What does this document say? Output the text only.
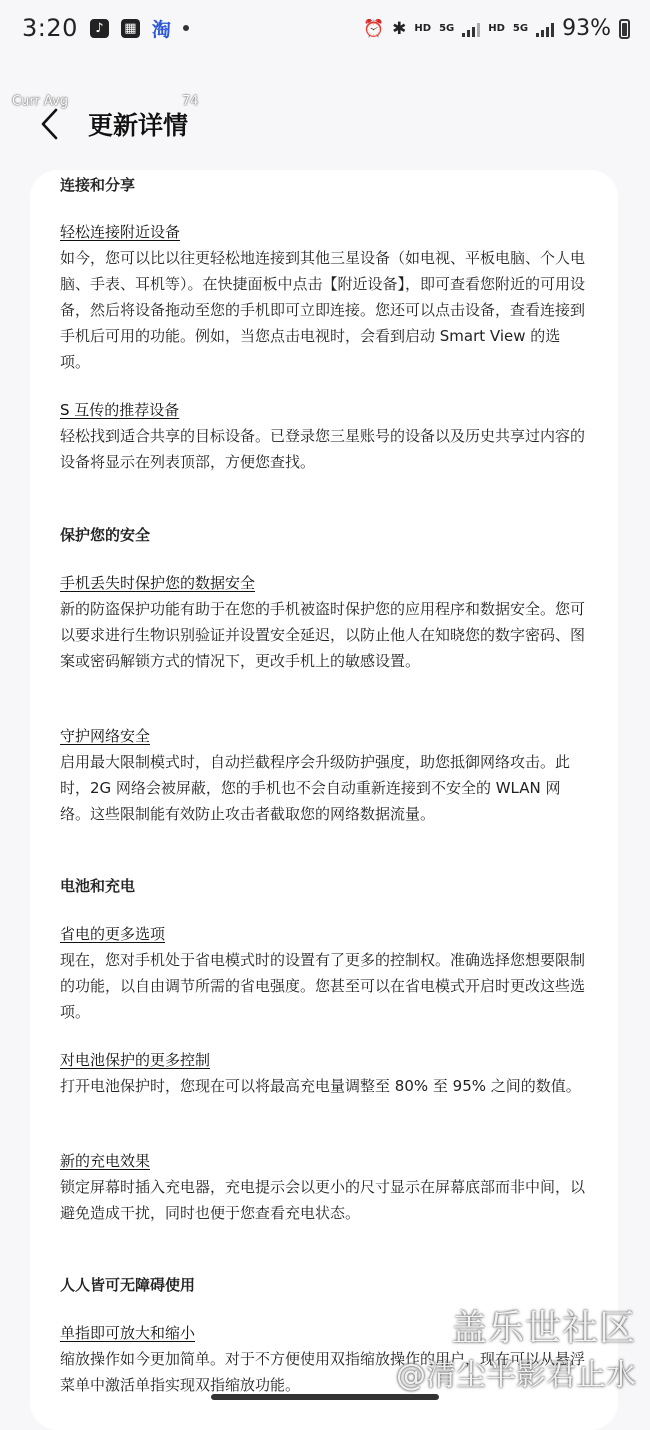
3:20	♪	▦ 淘	⏰ ✱ HD 5G	HD 5G 93%
Curr Avg	74
更新详情

连接和分享

轻松连接附近设备

如今，您可以比以往更轻松地连接到其他三星设备（如电视、平板电脑、个人电脑、手表、耳机等）。在快捷面板中点击【附近设备】，即可查看您附近的可用设备，然后将设备拖动至您的手机即可立即连接。您还可以点击设备，查看连接到手机后可用的功能。例如，当您点击电视时，会看到启动 Smart View 的选项。

S 互传的推荐设备

轻松找到适合共享的目标设备。已登录您三星账号的设备以及历史共享过内容的设备将显示在列表顶部，方便您查找。

保护您的安全

手机丢失时保护您的数据安全

新的防盗保护功能有助于在您的手机被盗时保护您的应用程序和数据安全。您可以要求进行生物识别验证并设置安全延迟，以防止他人在知晓您的数字密码、图案或密码解锁方式的情况下，更改手机上的敏感设置。

守护网络安全

启用最大限制模式时，自动拦截程序会升级防护强度，助您抵御网络攻击。此时，2G 网络会被屏蔽，您的手机也不会自动重新连接到不安全的 WLAN 网络。这些限制能有效防止攻击者截取您的网络数据流量。

电池和充电

省电的更多选项

现在，您对手机处于省电模式时的设置有了更多的控制权。准确选择您想要限制的功能，以自由调节所需的省电强度。您甚至可以在省电模式开启时更改这些选项。

对电池保护的更多控制

打开电池保护时，您现在可以将最高充电量调整至 80% 至 95% 之间的数值。

新的充电效果

锁定屏幕时插入充电器，充电提示会以更小的尺寸显示在屏幕底部而非中间，以避免造成干扰，同时也便于您查看充电状态。

人人皆可无障碍使用

单指即可放大和缩小

缩放操作如今更加简单。对于不方便使用双指缩放操作的用户，现在可以从悬浮菜单中激活单指实现双指缩放功能。

盖乐世社区
@清尘半影君止水
